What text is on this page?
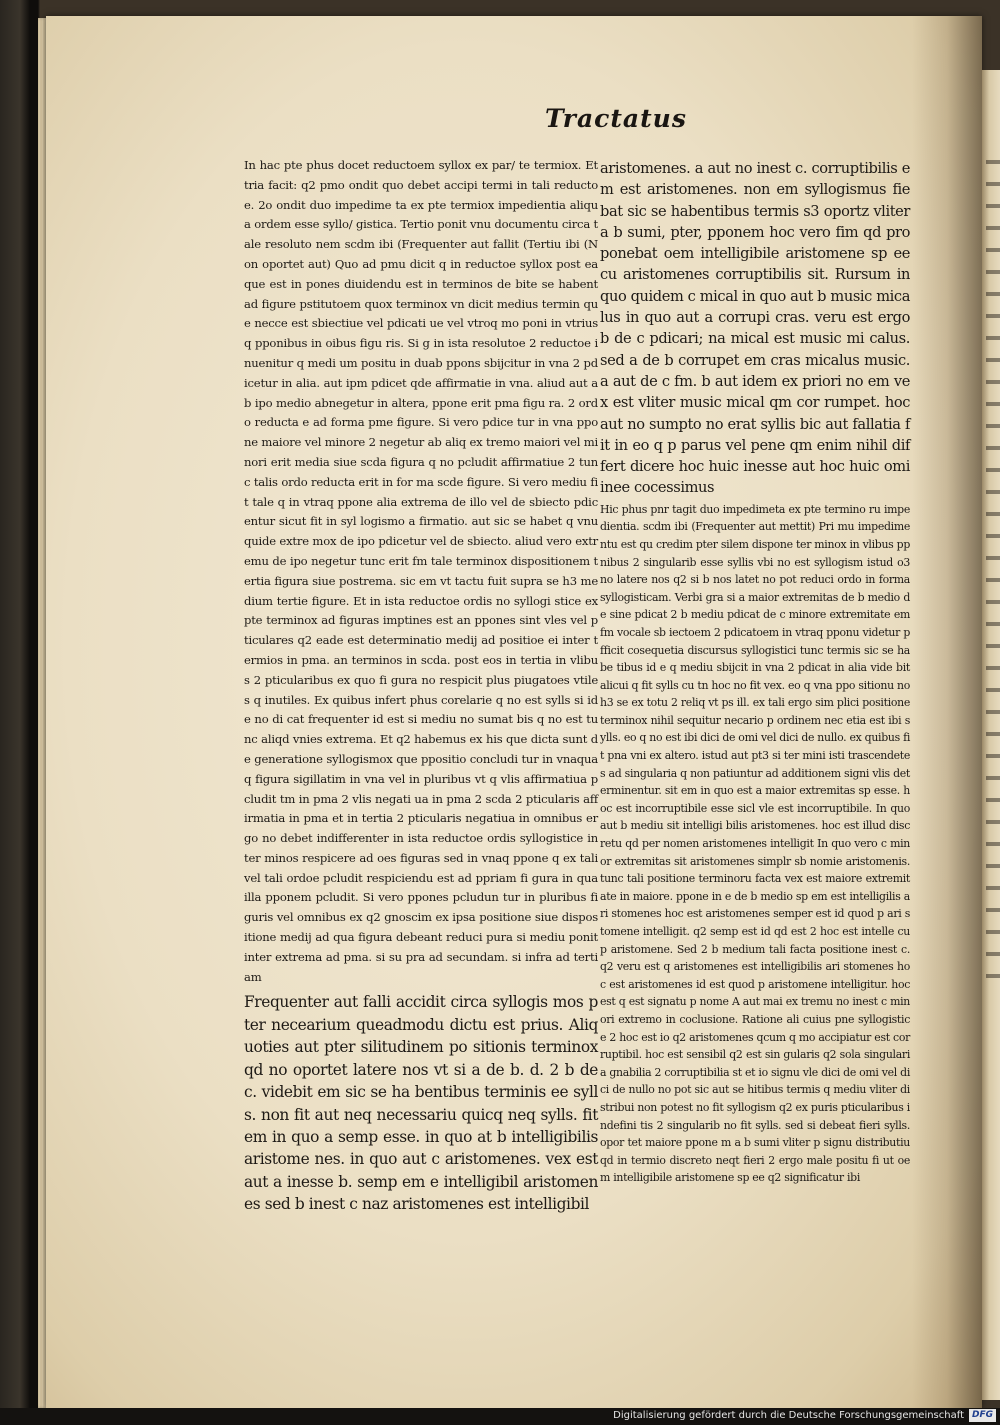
Tractatus

In hac pte phus docet reductoem syllox ex par/ te termiox. Et tria facit: q2 pmo ondit quo debet accipi termi in tali reductoe. 2o ondit duo impedime ta ex pte termiox impedientia aliqua ordem esse syllo/ gistica. Tertio ponit vnu documentu circa tale resoluto nem scdm ibi (Frequenter aut fallit (Tertiu ibi (Non oportet aut) Quo ad pmu dicit q in reductoe syllox post ea que est in pones diuidendu est in terminos de bite se habent ad figure pstitutoem quox terminox vn dicit medius termin que necce est sbiectiue vel pdicati ue vel vtroq mo poni in vtriusq pponibus in oibus figu ris. Si g in ista resolutoe 2 reductoe inuenitur q medi um positu in duab ppons sbijcitur in vna 2 pdicetur in alia. aut ipm pdicet qde affirmatie in vna. aliud aut ab ipo medio abnegetur in altera, ppone erit pma figu ra. 2 ordo reducta e ad forma pme figure. Si vero pdice tur in vna ppone maiore vel minore 2 negetur ab aliq ex tremo maiori vel minori erit media siue scda figura q no pcludit affirmatiue 2 tunc talis ordo reducta erit in for ma scde figure. Si vero mediu fit tale q in vtraq ppone alia extrema de illo vel de sbiecto pdicentur sicut fit in syl logismo a firmatio. aut sic se habet q vnu quide extre mox de ipo pdicetur vel de sbiecto. aliud vero extremu de ipo negetur tunc erit fm tale terminox dispositionem tertia figura siue postrema. sic em vt tactu fuit supra se h3 me dium tertie figure. Et in ista reductoe ordis no syllogi stice ex pte terminox ad figuras imptines est an ppones sint vles vel pticulares q2 eade est determinatio medij ad positioe ei inter termios in pma. an terminos in scda. post eos in tertia in vlibus 2 pticularibus ex quo fi gura no respicit plus piugatoes vtiles q inutiles. Ex quibus infert phus corelarie q no est sylls si ide no di cat frequenter id est si mediu no sumat bis q no est tunc aliqd vnies extrema. Et q2 habemus ex his que dicta sunt de generatione syllogismox que ppositio concludi tur in vnaquaq figura sigillatim in vna vel in pluribus vt q vlis affirmatiua pcludit tm in pma 2 vlis negati ua in pma 2 scda 2 pticularis affirmatia in pma et in tertia 2 pticularis negatiua in omnibus ergo no debet indifferenter in ista reductoe ordis syllogistice in ter minos respicere ad oes figuras sed in vnaq ppone q ex tali vel tali ordoe pcludit respiciendu est ad ppriam fi gura in qua illa pponem pcludit. Si vero ppones pcludun tur in pluribus figuris vel omnibus ex q2 gnoscim ex ipsa positione siue dispositione medij ad qua figura debeant reduci pura si mediu ponit inter extrema ad pma. si su pra ad secundam. si infra ad tertiam

Frequenter aut falli accidit circa syllogis mos pter necearium queadmodu dictu est prius. Aliquoties aut pter silitudinem po sitionis terminox qd no oportet latere nos vt si a de b. d. 2 b de c. videbit em sic se ha bentibus terminis ee sylls. non fit aut neq necessariu quicq neq sylls. fit em in quo a semp esse. in quo at b intelligibilis aristome nes. in quo aut c aristomenes. vex est aut a inesse b. semp em e intelligibil aristomenes sed b inest c naz aristomenes est intelligibil

aristomenes. a aut no inest c. corruptibilis em est aristomenes. non em syllogismus fie bat sic se habentibus termis s3 oportz vliter a b sumi, pter, pponem hoc vero fim qd pro ponebat oem intelligibile aristomene sp ee cu aristomenes corruptibilis sit. Rursum in quo quidem c mical in quo aut b music micalus in quo aut a corrupi cras. veru est ergo b de c pdicari; na mical est music mi calus. sed a de b corrupet em cras micalus music. a aut de c fm. b aut idem ex priori no em vex est vliter music mical qm cor rumpet. hoc aut no sumpto no erat syllis bic aut fallatia fit in eo q p parus vel pene qm enim nihil differt dicere hoc huic inesse aut hoc huic omi inee cocessimus

Hic phus pnr tagit duo impedimeta ex pte termino ru impedientia. scdm ibi (Frequenter aut mettit) Pri mu impedimentu est qu credim pter silem dispone ter minox in vlibus ppnibus 2 singularib esse syllis vbi no est syllogism istud o3 no latere nos q2 si b nos latet no pot reduci ordo in forma syllogisticam. Verbi gra si a maior extremitas de b medio de sine pdicat 2 b mediu pdicat de c minore extremitate em fm vocale sb iectoem 2 pdicatoem in vtraq pponu videtur pfficit cosequetia discursus syllogistici tunc termis sic se habe tibus id e q mediu sbijcit in vna 2 pdicat in alia vide bit alicui q fit sylls cu tn hoc no fit vex. eo q vna ppo sitionu no h3 se ex totu 2 reliq vt ps ill. ex tali ergo sim plici positione terminox nihil sequitur necario p ordinem nec etia est ibi sylls. eo q no est ibi dici de omi vel dici de nullo. ex quibus fit pna vni ex altero. istud aut pt3 si ter mini isti trascendetes ad singularia q non patiuntur ad additionem signi vlis determinentur. sit em in quo est a maior extremitas sp esse. hoc est incorruptibile esse sicl vle est incorruptibile. In quo aut b mediu sit intelligi bilis aristomenes. hoc est illud discretu qd per nomen aristomenes intelligit In quo vero c minor extremitas sit aristomenes simplr sb nomie aristomenis. tunc tali positione terminoru facta vex est maiore extremitate in maiore. ppone in e de b medio sp em est intelligilis ari stomenes hoc est aristomenes semper est id quod p ari stomene intelligit. q2 semp est id qd est 2 hoc est intelle cu p aristomene. Sed 2 b medium tali facta positione inest c. q2 veru est q aristomenes est intelligibilis ari stomenes hoc est aristomenes id est quod p aristomene intelligitur. hoc est q est signatu p nome A aut mai ex tremu no inest c minori extremo in coclusione. Ratione ali cuius pne syllogistice 2 hoc est io q2 aristomenes qcum q mo accipiatur est corruptibil. hoc est sensibil q2 est sin gularis q2 sola singularia gnabilia 2 corruptibilia st et io signu vle dici de omi vel dici de nullo no pot sic aut se hitibus termis q mediu vliter distribui non potest no fit syllogism q2 ex puris pticularibus indefini tis 2 singularib no fit sylls. sed si debeat fieri sylls. opor tet maiore ppone m a b sumi vliter p signu distributiu qd in termio discreto neqt fieri 2 ergo male positu fi ut oem intelligibile aristomene sp ee q2 significatur ibi

Digitalisierung gefördert durch die Deutsche Forschungsgemeinschaft DFG
